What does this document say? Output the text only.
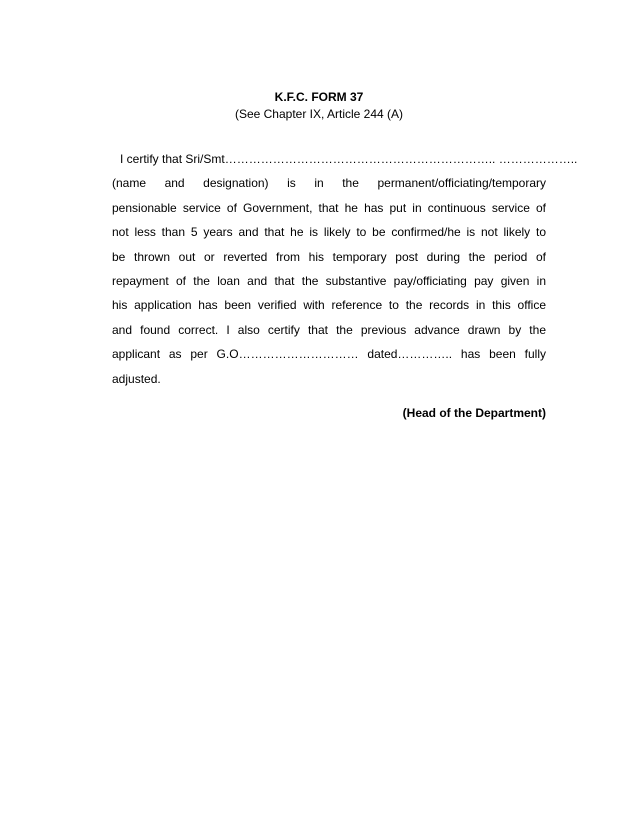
K.F.C. FORM 37
(See Chapter IX, Article 244 (A)
I certify that Sri/Smt………………………………………………………….. ………………..
(name and designation) is in the permanent/officiating/temporary
pensionable service of Government, that he has put in continuous service of
not less than 5 years and that he is likely to be confirmed/he is not likely to
be thrown out or reverted from his temporary post during the period of
repayment of the loan and that the substantive pay/officiating pay given in
his application has been verified with reference to the records in this office
and found correct. I also certify that the previous advance drawn by the
applicant as per G.O………………………… dated………….. has been fully
adjusted.
(Head of the Department)
